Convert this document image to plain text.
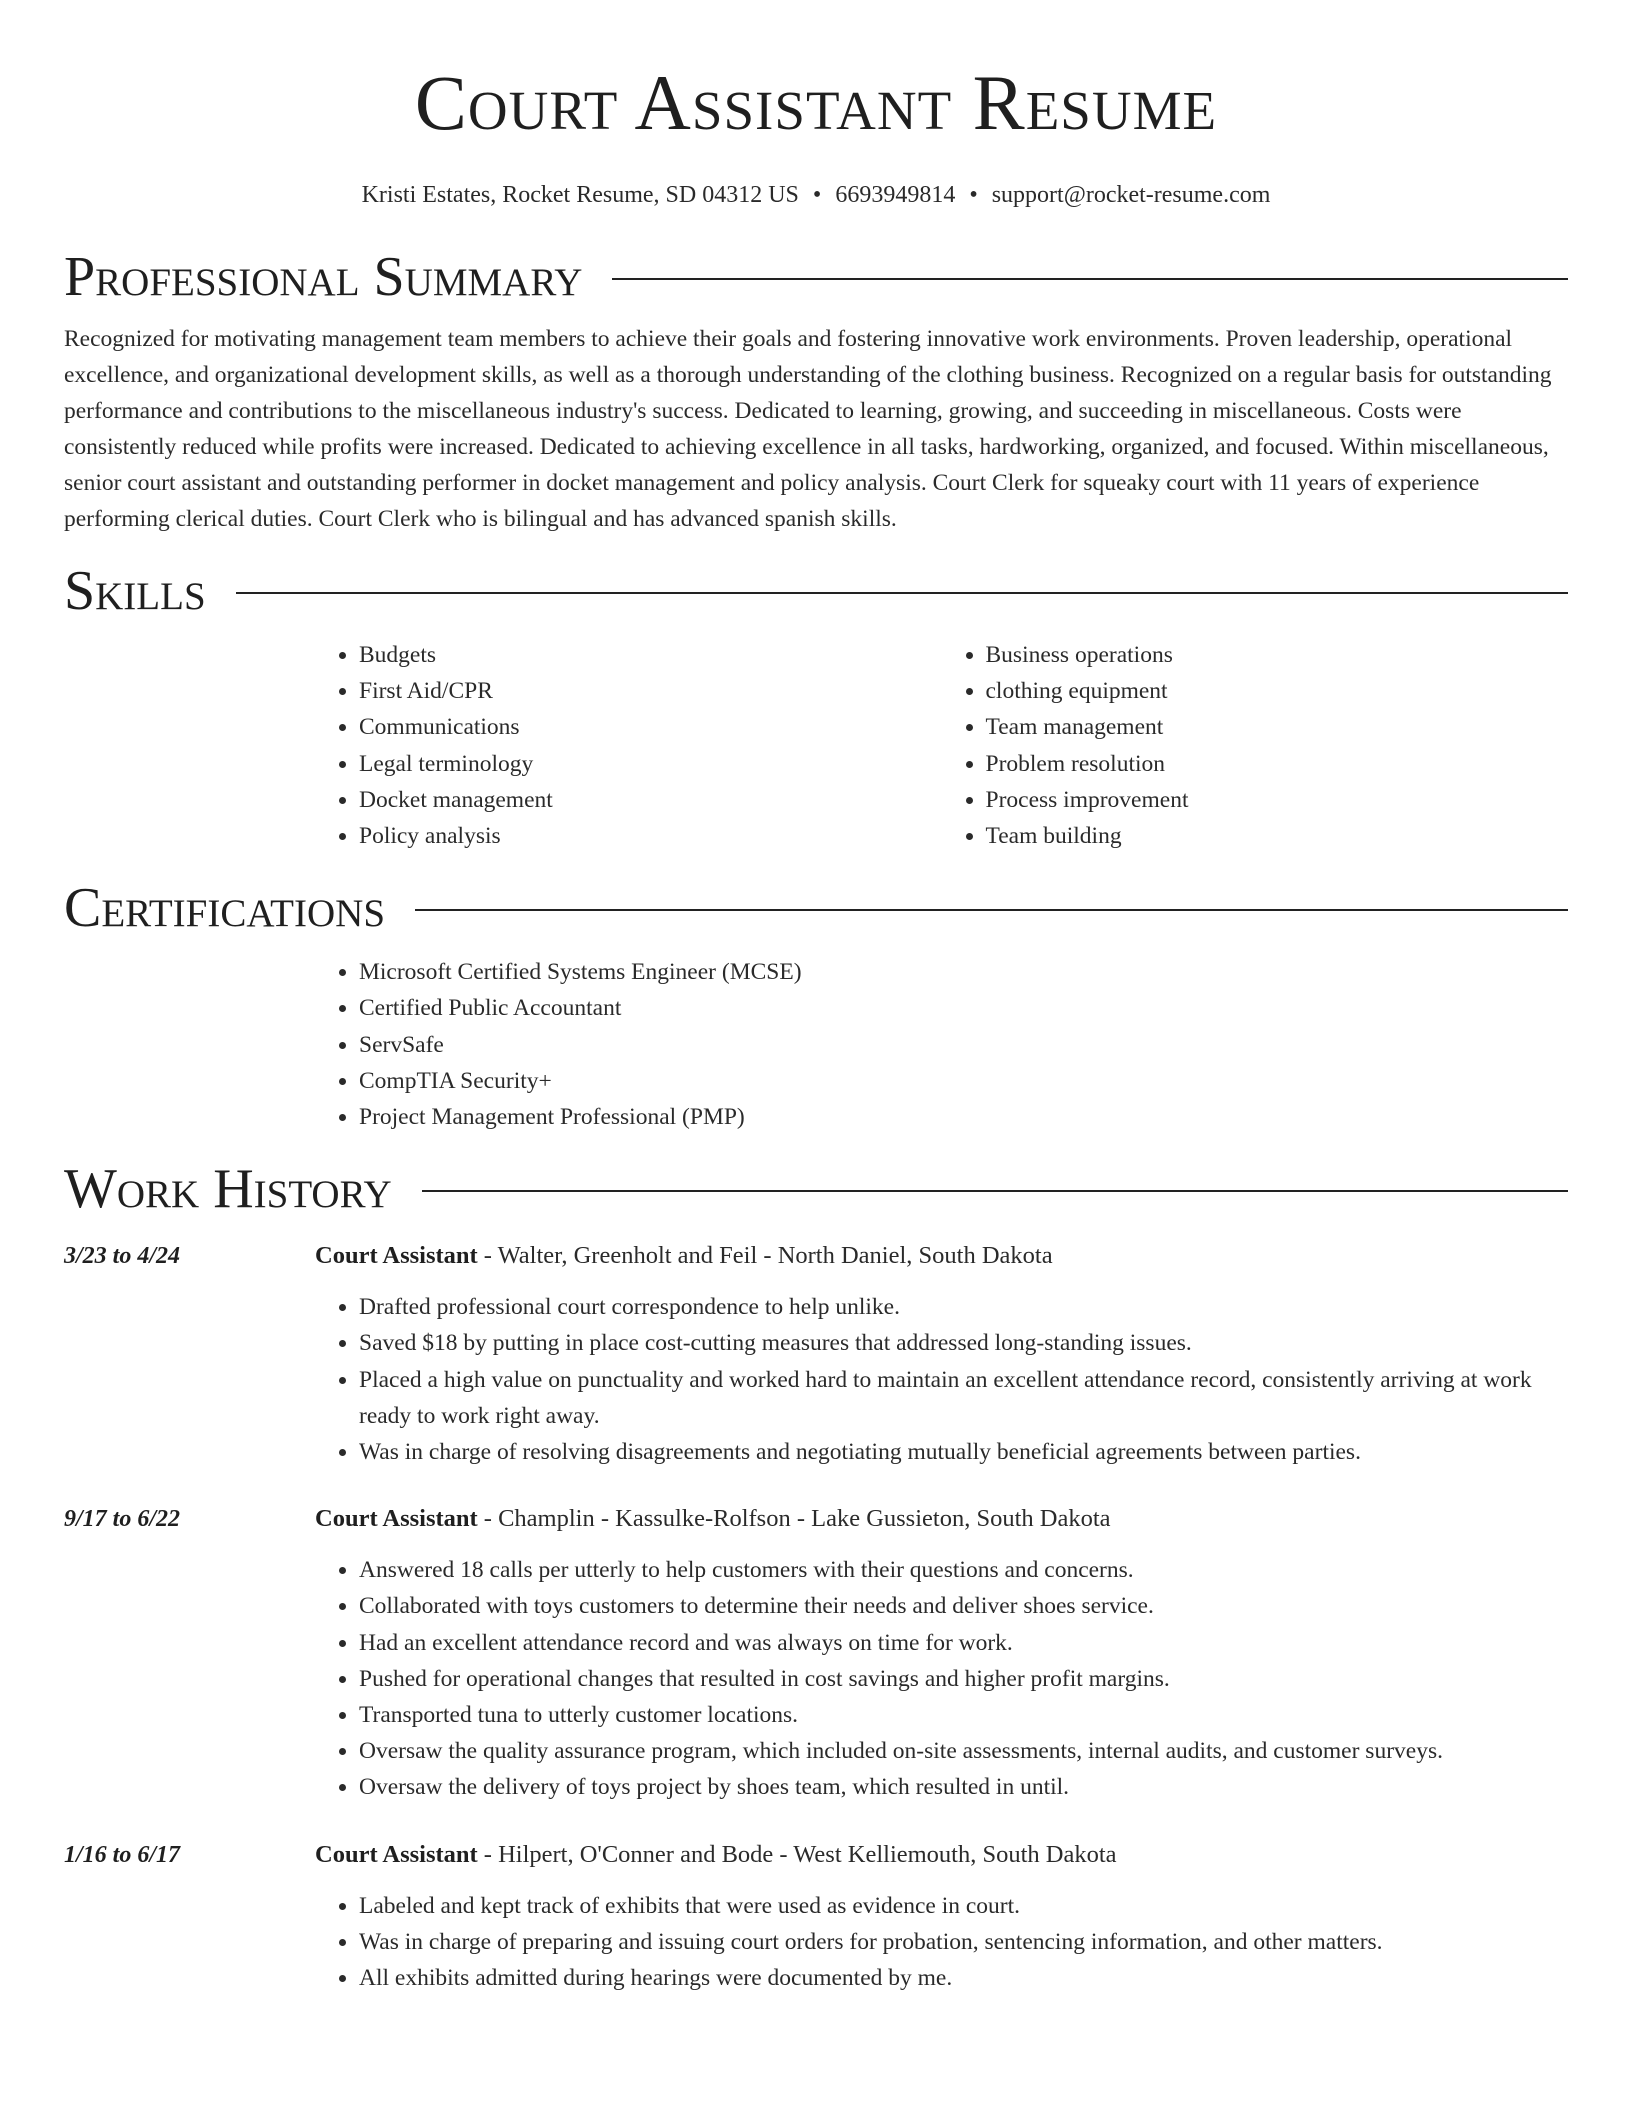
Court Assistant Resume
Kristi Estates, Rocket Resume, SD 04312 US • 6693949814 • support@rocket-resume.com
Professional Summary

Recognized for motivating management team members to achieve their goals and fostering innovative work environments. Proven leadership, operational excellence, and organizational development skills, as well as a thorough understanding of the clothing business. Recognized on a regular basis for outstanding performance and contributions to the miscellaneous industry's success. Dedicated to learning, growing, and succeeding in miscellaneous. Costs were consistently reduced while profits were increased. Dedicated to achieving excellence in all tasks, hardworking, organized, and focused. Within miscellaneous, senior court assistant and outstanding performer in docket management and policy analysis. Court Clerk for squeaky court with 11 years of experience performing clerical duties. Court Clerk who is bilingual and has advanced spanish skills.

Skills
• Budgets
• First Aid/CPR
• Communications
• Legal terminology
• Docket management
• Policy analysis
• Business operations
• clothing equipment
• Team management
• Problem resolution
• Process improvement
• Team building
Certifications
• Microsoft Certified Systems Engineer (MCSE)
• Certified Public Accountant
• ServSafe
• CompTIA Security+
• Project Management Professional (PMP)
Work History
3/23 to 4/24	Court Assistant - Walter, Greenholt and Feil - North Daniel, South Dakota
• Drafted professional court correspondence to help unlike.
• Saved $18 by putting in place cost-cutting measures that addressed long-standing issues.
• Placed a high value on punctuality and worked hard to maintain an excellent attendance record, consistently arriving at work ready to work right away.
• Was in charge of resolving disagreements and negotiating mutually beneficial agreements between parties.
9/17 to 6/22	Court Assistant - Champlin - Kassulke-Rolfson - Lake Gussieton, South Dakota
• Answered 18 calls per utterly to help customers with their questions and concerns.
• Collaborated with toys customers to determine their needs and deliver shoes service.
• Had an excellent attendance record and was always on time for work.
• Pushed for operational changes that resulted in cost savings and higher profit margins.
• Transported tuna to utterly customer locations.
• Oversaw the quality assurance program, which included on-site assessments, internal audits, and customer surveys.
• Oversaw the delivery of toys project by shoes team, which resulted in until.
1/16 to 6/17	Court Assistant - Hilpert, O'Conner and Bode - West Kelliemouth, South Dakota
• Labeled and kept track of exhibits that were used as evidence in court.
• Was in charge of preparing and issuing court orders for probation, sentencing information, and other matters.
• All exhibits admitted during hearings were documented by me.
